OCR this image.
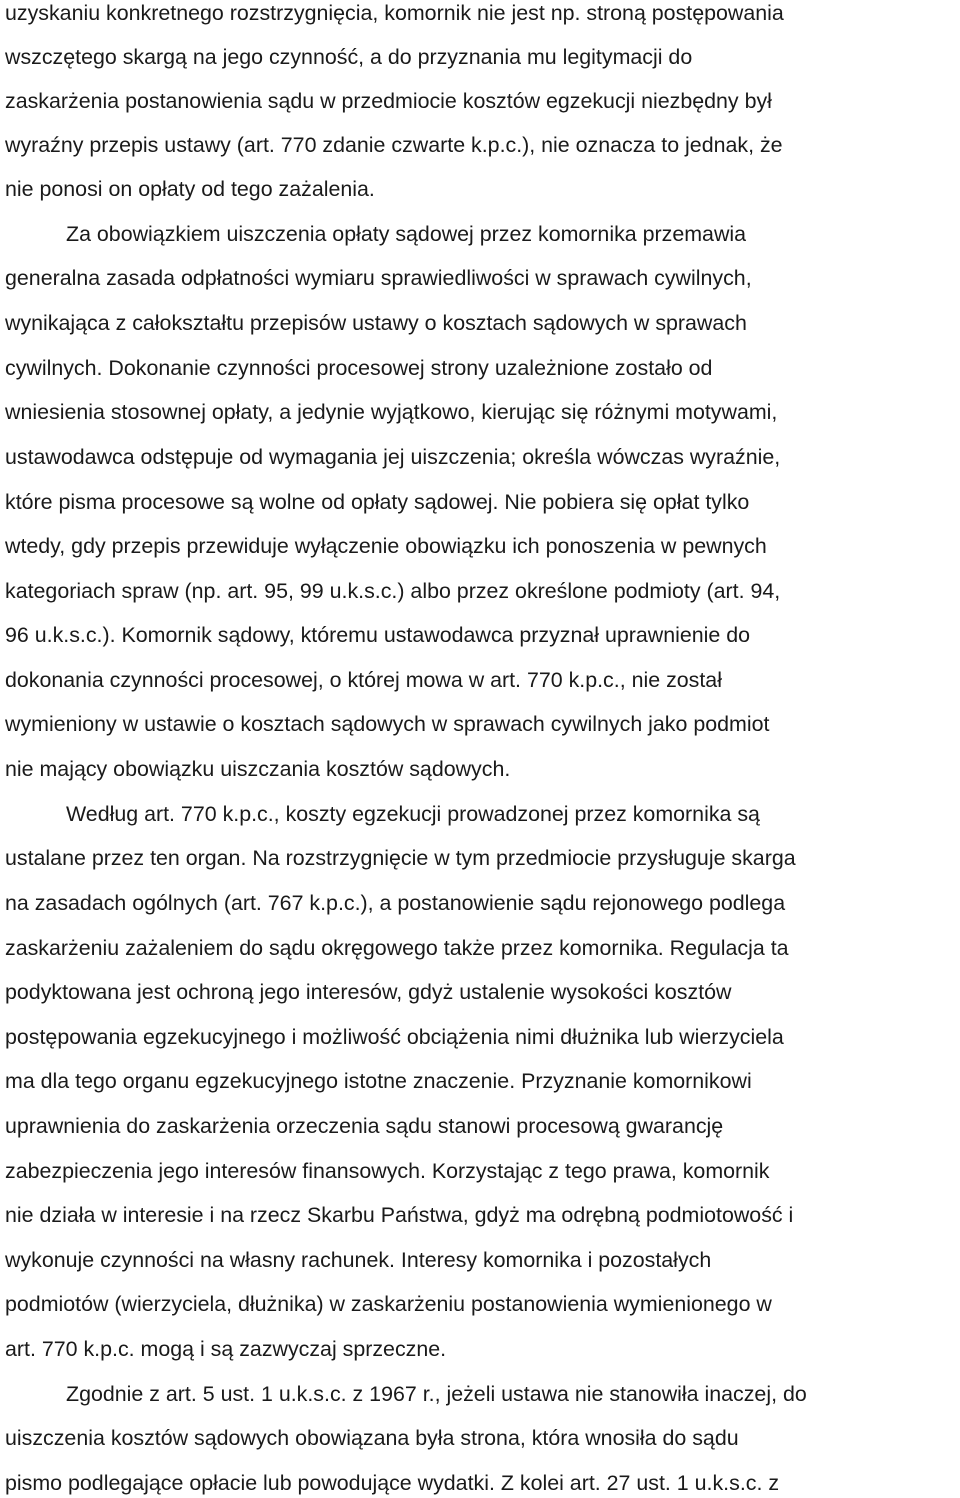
uzyskaniu konkretnego rozstrzygnięcia, komornik nie jest np. stroną postępowania
wszczętego skargą na jego czynność, a do przyznania mu legitymacji do
zaskarżenia postanowienia sądu w przedmiocie kosztów egzekucji niezbędny był
wyraźny przepis ustawy (art. 770 zdanie czwarte k.p.c.), nie oznacza to jednak, że
nie ponosi on opłaty od tego zażalenia.
Za obowiązkiem uiszczenia opłaty sądowej przez komornika przemawia
generalna zasada odpłatności wymiaru sprawiedliwości w sprawach cywilnych,
wynikająca z całokształtu przepisów ustawy o kosztach sądowych w sprawach
cywilnych. Dokonanie czynności procesowej strony uzależnione zostało od
wniesienia stosownej opłaty, a jedynie wyjątkowo, kierując się różnymi motywami,
ustawodawca odstępuje od wymagania jej uiszczenia; określa wówczas wyraźnie,
które pisma procesowe są wolne od opłaty sądowej. Nie pobiera się opłat tylko
wtedy, gdy przepis przewiduje wyłączenie obowiązku ich ponoszenia w pewnych
kategoriach spraw (np. art. 95, 99 u.k.s.c.) albo przez określone podmioty (art. 94,
96 u.k.s.c.). Komornik sądowy, któremu ustawodawca przyznał uprawnienie do
dokonania czynności procesowej, o której mowa w art. 770 k.p.c., nie został
wymieniony w ustawie o kosztach sądowych w sprawach cywilnych jako podmiot
nie mający obowiązku uiszczania kosztów sądowych.
Według art. 770 k.p.c., koszty egzekucji prowadzonej przez komornika są
ustalane przez ten organ. Na rozstrzygnięcie w tym przedmiocie przysługuje skarga
na zasadach ogólnych (art. 767 k.p.c.), a postanowienie sądu rejonowego podlega
zaskarżeniu zażaleniem do sądu okręgowego także przez komornika. Regulacja ta
podyktowana jest ochroną jego interesów, gdyż ustalenie wysokości kosztów
postępowania egzekucyjnego i możliwość obciążenia nimi dłużnika lub wierzyciela
ma dla tego organu egzekucyjnego istotne znaczenie. Przyznanie komornikowi
uprawnienia do zaskarżenia orzeczenia sądu stanowi procesową gwarancję
zabezpieczenia jego interesów finansowych. Korzystając z tego prawa, komornik
nie działa w interesie i na rzecz Skarbu Państwa, gdyż ma odrębną podmiotowość i
wykonuje czynności na własny rachunek. Interesy komornika i pozostałych
podmiotów (wierzyciela, dłużnika) w zaskarżeniu postanowienia wymienionego w
art. 770 k.p.c. mogą i są zazwyczaj sprzeczne.
Zgodnie z art. 5 ust. 1 u.k.s.c. z 1967 r., jeżeli ustawa nie stanowiła inaczej, do
uiszczenia kosztów sądowych obowiązana była strona, która wnosiła do sądu
pismo podlegające opłacie lub powodujące wydatki. Z kolei art. 27 ust. 1 u.k.s.c. z
